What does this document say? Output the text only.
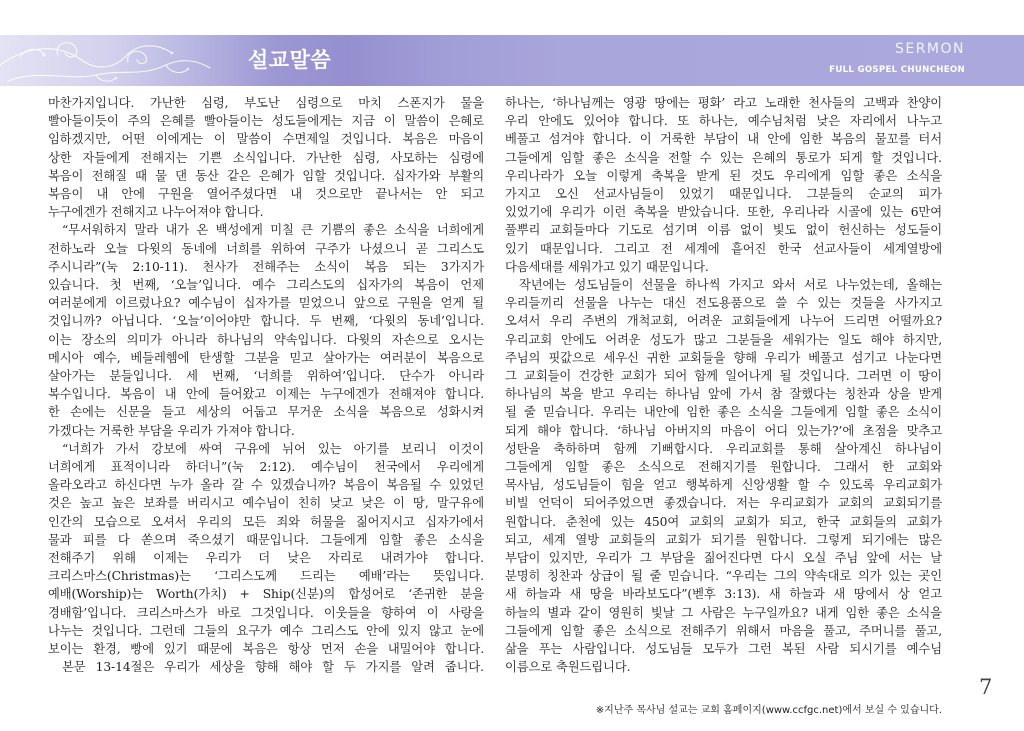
설교말씀	SERMON
FULL GOSPEL CHUNCHEON
마찬가지입니다. 가난한 심령, 부도난 심령으로 마치 스폰지가 물을
빨아들이듯이 주의 은혜를 빨아들이는 성도들에게는 지금 이 말씀이 은혜로
임하겠지만, 어떤 이에게는 이 말씀이 수면제일 것입니다. 복음은 마음이
상한 자들에게 전해지는 기쁜 소식입니다. 가난한 심령, 사모하는 심령에
복음이 전해질 때 물 댄 동산 같은 은혜가 임할 것입니다. 십자가와 부활의
복음이 내 안에 구원을 열어주셨다면 내 것으로만 끝나서는 안 되고
누구에겐가 전해지고 나누어져야 합니다.
“무서워하지 말라 내가 온 백성에게 미칠 큰 기쁨의 좋은 소식을 너희에게
전하노라 오늘 다윗의 동네에 너희를 위하여 구주가 나셨으니 곧 그리스도
주시니라”(눅 2:10-11). 천사가 전해주는 소식이 복음 되는 3가지가
있습니다. 첫 번째, ‘오늘’입니다. 예수 그리스도의 십자가의 복음이 언제
여러분에게 이르렀나요? 예수님이 십자가를 믿었으니 앞으로 구원을 얻게 될
것입니까? 아닙니다. ‘오늘’이어야만 합니다. 두 번째, ‘다윗의 동네’입니다.
이는 장소의 의미가 아니라 하나님의 약속입니다. 다윗의 자손으로 오시는
메시아 예수, 베들레헴에 탄생할 그분을 믿고 살아가는 여러분이 복음으로
살아가는 분들입니다. 세 번째, ‘너희를 위하여’입니다. 단수가 아니라
복수입니다. 복음이 내 안에 들어왔고 이제는 누구에겐가 전해져야 합니다.
한 손에는 신문을 들고 세상의 어둡고 무거운 소식을 복음으로 성화시켜
가겠다는 거룩한 부담을 우리가 가져야 합니다.
“너희가 가서 강보에 싸여 구유에 뉘어 있는 아기를 보리니 이것이
너희에게 표적이니라 하더니”(눅 2:12). 예수님이 천국에서 우리에게
올라오라고 하신다면 누가 올라 갈 수 있겠습니까? 복음이 복음될 수 있었던
것은 높고 높은 보좌를 버리시고 예수님이 친히 낮고 낮은 이 땅, 말구유에
인간의 모습으로 오셔서 우리의 모든 죄와 허물을 짊어지시고 십자가에서
물과 피를 다 쏟으며 죽으셨기 때문입니다. 그들에게 임할 좋은 소식을
전해주기 위해 이제는 우리가 더 낮은 자리로 내려가야 합니다.
크리스마스(Christmas)는 ‘그리스도께 드리는 예배’라는 뜻입니다.
예배(Worship)는 Worth(가치) + Ship(신분)의 합성어로 ‘존귀한 분을
경배함’입니다. 크리스마스가 바로 그것입니다. 이웃들을 향하여 이 사랑을
나누는 것입니다. 그런데 그들의 요구가 예수 그리스도 안에 있지 않고 눈에
보이는 환경, 빵에 있기 때문에 복음은 항상 먼저 손을 내밀어야 합니다.
본문 13-14절은 우리가 세상을 향해 해야 할 두 가지를 알려 줍니다.
하나는, ‘하나님께는 영광 땅에는 평화’ 라고 노래한 천사들의 고백과 찬양이
우리 안에도 있어야 합니다. 또 하나는, 예수님처럼 낮은 자리에서 나누고
베풀고 섬겨야 합니다. 이 거룩한 부담이 내 안에 임한 복음의 물꼬를 터서
그들에게 임할 좋은 소식을 전할 수 있는 은혜의 통로가 되게 할 것입니다.
우리나라가 오늘 이렇게 축복을 받게 된 것도 우리에게 임할 좋은 소식을
가지고 오신 선교사님들이 있었기 때문입니다. 그분들의 순교의 피가
있었기에 우리가 이런 축복을 받았습니다. 또한, 우리나라 시골에 있는 6만여
풀뿌리 교회들마다 기도로 섬기며 이름 없이 빛도 없이 헌신하는 성도들이
있기 때문입니다. 그리고 전 세계에 흩어진 한국 선교사들이 세계열방에
다음세대를 세워가고 있기 때문입니다.
작년에는 성도님들이 선물을 하나씩 가지고 와서 서로 나누었는데, 올해는
우리들끼리 선물을 나누는 대신 전도용품으로 쓸 수 있는 것들을 사가지고
오셔서 우리 주변의 개척교회, 어려운 교회들에게 나누어 드리면 어떨까요?
우리교회 안에도 어려운 성도가 많고 그분들을 세워가는 일도 해야 하지만,
주님의 핏값으로 세우신 귀한 교회들을 향해 우리가 베풀고 섬기고 나눈다면
그 교회들이 건강한 교회가 되어 함께 일어나게 될 것입니다. 그러면 이 땅이
하나님의 복을 받고 우리는 하나님 앞에 가서 참 잘했다는 칭찬과 상을 받게
될 줄 믿습니다. 우리는 내안에 임한 좋은 소식을 그들에게 임할 좋은 소식이
되게 해야 합니다. ‘하나님 아버지의 마음이 어디 있는가?’에 초점을 맞추고
성탄을 축하하며 함께 기뻐합시다. 우리교회를 통해 살아계신 하나님이
그들에게 임할 좋은 소식으로 전해지기를 원합니다. 그래서 한 교회와
목사님, 성도님들이 힘을 얻고 행복하게 신앙생활 할 수 있도록 우리교회가
비빌 언덕이 되어주었으면 좋겠습니다. 저는 우리교회가 교회의 교회되기를
원합니다. 춘천에 있는 450여 교회의 교회가 되고, 한국 교회들의 교회가
되고, 세계 열방 교회들의 교회가 되기를 원합니다. 그렇게 되기에는 많은
부담이 있지만, 우리가 그 부담을 짊어진다면 다시 오실 주님 앞에 서는 날
분명히 칭찬과 상급이 될 줄 믿습니다. “우리는 그의 약속대로 의가 있는 곳인
새 하늘과 새 땅을 바라보도다”(벧후 3:13). 새 하늘과 새 땅에서 상 얻고
하늘의 별과 같이 영원히 빛날 그 사람은 누구일까요? 내게 임한 좋은 소식을
그들에게 임할 좋은 소식으로 전해주기 위해서 마음을 풀고, 주머니를 풀고,
삶을 푸는 사람입니다. 성도님들 모두가 그런 복된 사람 되시기를 예수님
이름으로 축원드립니다.
7
※지난주 목사님 설교는 교회 홈페이지(www.ccfgc.net)에서 보실 수 있습니다.
